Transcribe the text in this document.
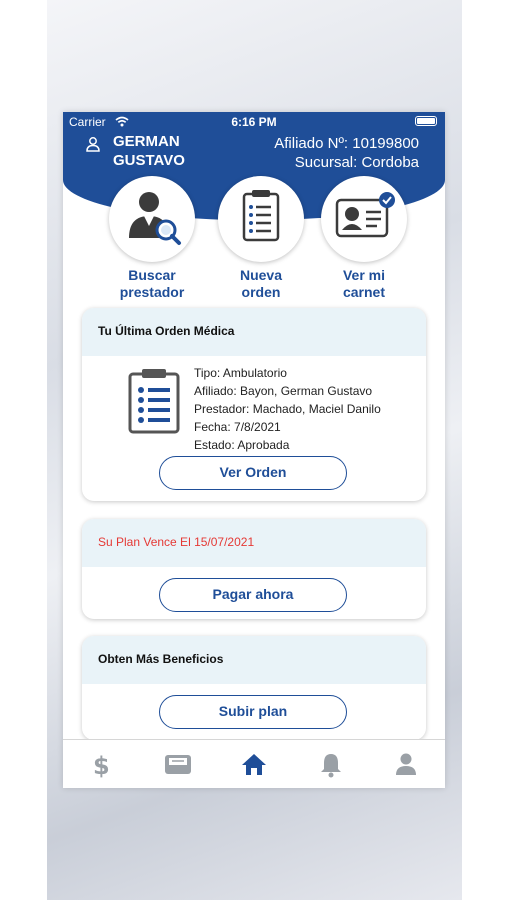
Carrier	6:16 PM
GERMAN
GUSTAVO
Afiliado Nº: 10199800
Sucursal: Cordoba
Buscar
prestador
Nueva
orden
Ver mi
carnet
Tu Última Orden Médica
Tipo: Ambulatorio
Afiliado: Bayon, German Gustavo
Prestador: Machado, Maciel Danilo
Fecha: 7/8/2021
Estado: Aprobada
Ver Orden
Su Plan Vence El 15/07/2021
Pagar ahora
Obten Más Beneficios
Subir plan
$
